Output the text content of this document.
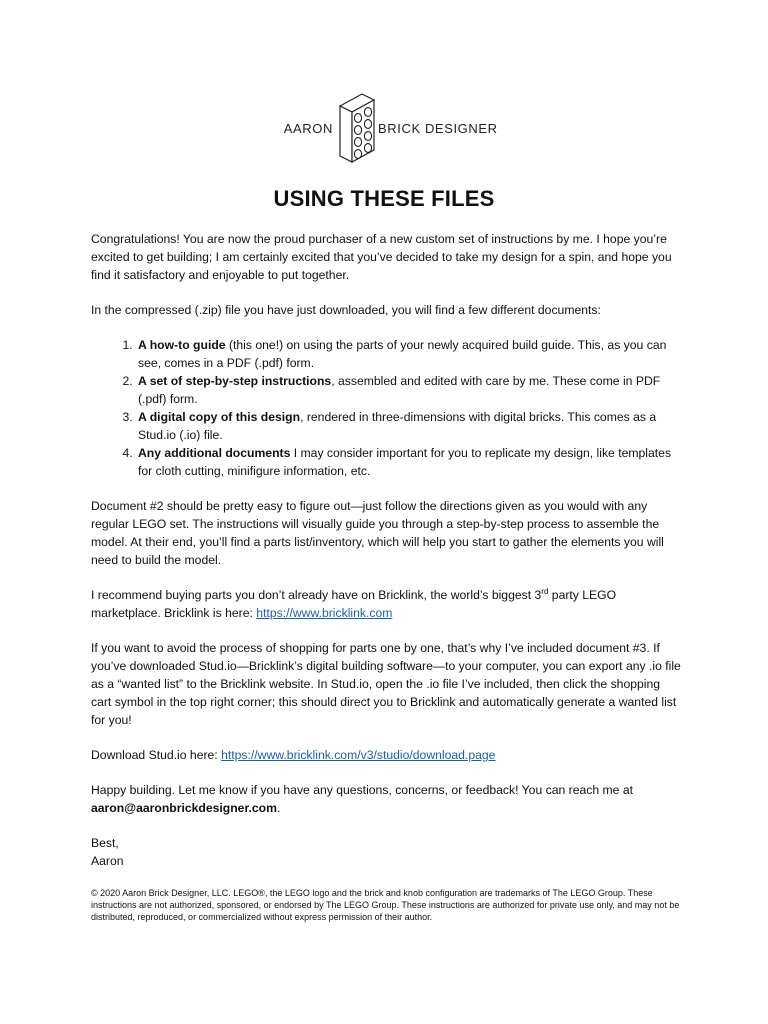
AARON	BRICK DESIGNER
USING THESE FILES

Congratulations! You are now the proud purchaser of a new custom set of instructions by me. I hope you’re excited to get building; I am certainly excited that you’ve decided to take my design for a spin, and hope you find it satisfactory and enjoyable to put together.

In the compressed (.zip) file you have just downloaded, you will find a few different documents:

1. A how-to guide (this one!) on using the parts of your newly acquired build guide. This, as you can see, comes in a PDF (.pdf) form.
2. A set of step-by-step instructions, assembled and edited with care by me. These come in PDF (.pdf) form.
3. A digital copy of this design, rendered in three-dimensions with digital bricks. This comes as a Stud.io (.io) file.
4. Any additional documents I may consider important for you to replicate my design, like templates for cloth cutting, minifigure information, etc.

Document #2 should be pretty easy to figure out—just follow the directions given as you would with any regular LEGO set. The instructions will visually guide you through a step-by-step process to assemble the model. At their end, you’ll find a parts list/inventory, which will help you start to gather the elements you will need to build the model.

I recommend buying parts you don’t already have on Bricklink, the world’s biggest 3rd party LEGO marketplace. Bricklink is here: https://www.bricklink.com

If you want to avoid the process of shopping for parts one by one, that’s why I’ve included document #3. If you’ve downloaded Stud.io—Bricklink’s digital building software—to your computer, you can export any .io file as a “wanted list” to the Bricklink website. In Stud.io, open the .io file I’ve included, then click the shopping cart symbol in the top right corner; this should direct you to Bricklink and automatically generate a wanted list for you!

Download Stud.io here: https://www.bricklink.com/v3/studio/download.page

Happy building. Let me know if you have any questions, concerns, or feedback! You can reach me at aaron@aaronbrickdesigner.com.

Best,
Aaron

© 2020 Aaron Brick Designer, LLC. LEGO®, the LEGO logo and the brick and knob configuration are trademarks of The LEGO Group. These instructions are not authorized, sponsored, or endorsed by The LEGO Group. These instructions are authorized for private use only, and may not be distributed, reproduced, or commercialized without express permission of their author.
